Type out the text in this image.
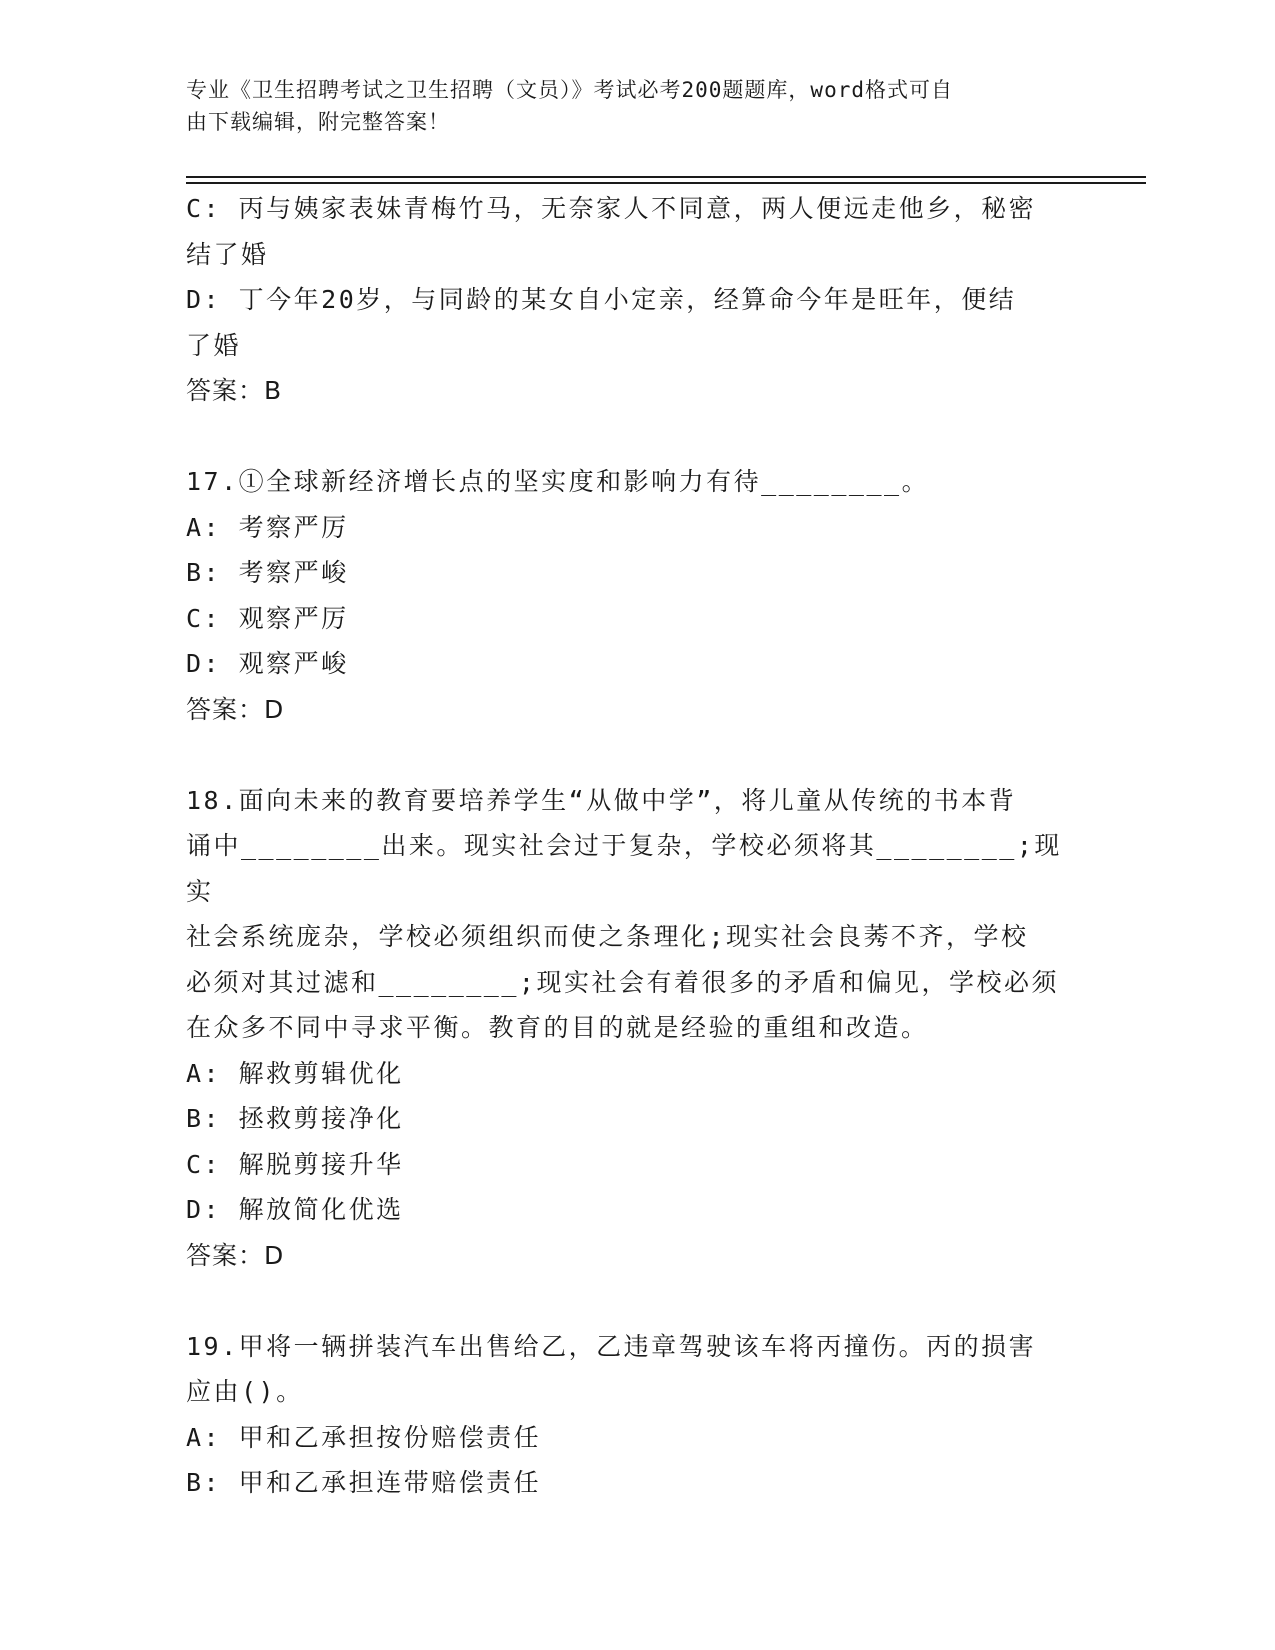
专业《卫生招聘考试之卫生招聘（文员）》考试必考200题题库，word格式可自
由下载编辑，附完整答案！

C: 丙与姨家表妹青梅竹马，无奈家人不同意，两人便远走他乡，秘密

结了婚

D: 丁今年20岁，与同龄的某女自小定亲，经算命今年是旺年，便结

了婚

答案：B

17.①全球新经济增长点的坚实度和影响力有待________。

A: 考察严厉

B: 考察严峻

C: 观察严厉

D: 观察严峻

答案：D

18.面向未来的教育要培养学生“从做中学”，将儿童从传统的书本背

诵中________出来。现实社会过于复杂，学校必须将其________;现实

社会系统庞杂，学校必须组织而使之条理化;现实社会良莠不齐，学校

必须对其过滤和________;现实社会有着很多的矛盾和偏见，学校必须

在众多不同中寻求平衡。教育的目的就是经验的重组和改造。

A: 解救剪辑优化

B: 拯救剪接净化

C: 解脱剪接升华

D: 解放简化优选

答案：D

19.甲将一辆拼装汽车出售给乙，乙违章驾驶该车将丙撞伤。丙的损害

应由()。

A: 甲和乙承担按份赔偿责任

B: 甲和乙承担连带赔偿责任
